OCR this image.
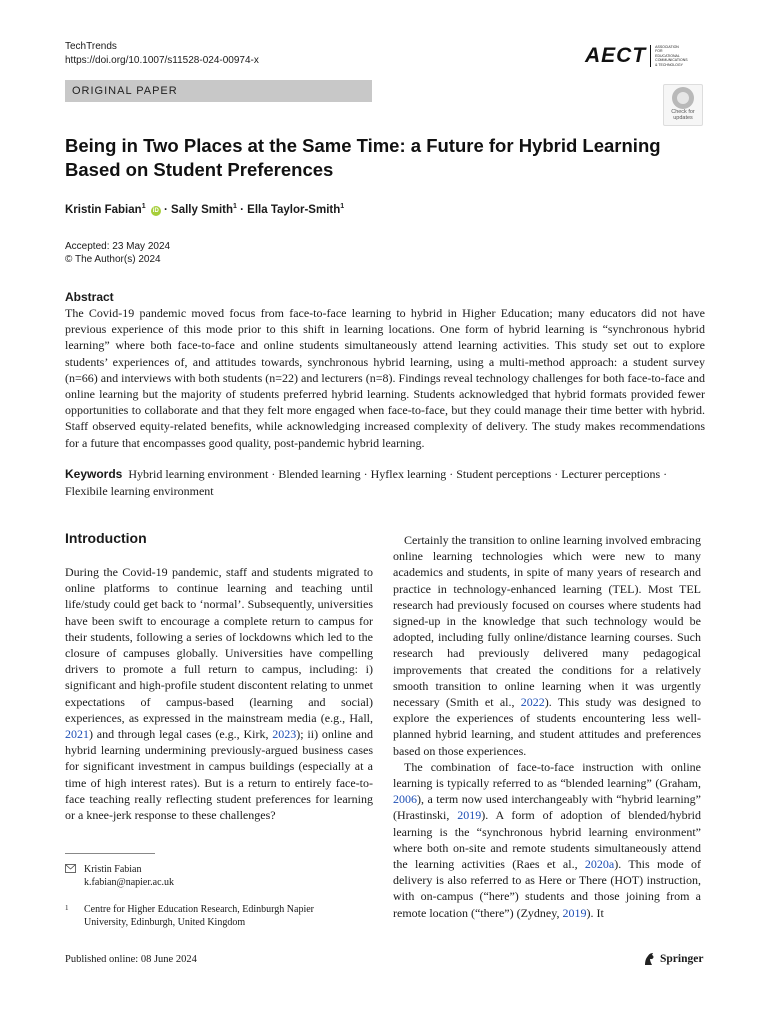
TechTrends
https://doi.org/10.1007/s11528-024-00974-x	AECT	ASSOCIATION FOR EDUCATIONAL COMMUNICATIONS & TECHNOLOGY
ORIGINAL PAPER
Check for
updates
Being in Two Places at the Same Time: a Future for Hybrid Learning Based on Student Preferences
Kristin Fabian$^1$ iD · Sally Smith$^1$ · Ella Taylor-Smith$^1$
Accepted: 23 May 2024
© The Author(s) 2024
Abstract
The Covid-19 pandemic moved focus from face-to-face learning to hybrid in Higher Education; many educators did not have previous experience of this mode prior to this shift in learning locations. One form of hybrid learning is “synchronous hybrid learning” where both face-to-face and online students simultaneously attend learning activities. This study set out to explore students’ experiences of, and attitudes towards, synchronous hybrid learning, using a multi-method approach: a student survey (n=66) and interviews with both students (n=22) and lecturers (n=8). Findings reveal technology challenges for both face-to-face and online learning but the majority of students preferred hybrid learning. Students acknowledged that hybrid formats provided fewer opportunities to collaborate and that they felt more engaged when face-to-face, but they could manage their time better with hybrid. Staff observed equity-related benefits, while acknowledging increased complexity of delivery. The study makes recommendations for a future that encompasses good quality, post-pandemic hybrid learning.
Keywords Hybrid learning environment · Blended learning · Hyflex learning · Student perceptions · Lecturer perceptions · Flexibile learning environment
Introduction

During the Covid-19 pandemic, staff and students migrated to online platforms to continue learning and teaching until life/study could get back to ‘normal’. Subsequently, universities have been swift to encourage a complete return to campus for their students, following a series of lockdowns which led to the closure of campuses globally. Universities have compelling drivers to promote a full return to campus, including: i) significant and high-profile student discontent relating to unmet expectations of campus-based (learning and social) experiences, as expressed in the mainstream media (e.g., Hall, 2021) and through legal cases (e.g., Kirk, 2023); ii) online and hybrid learning undermining previously-argued business cases for significant investment in campus buildings (especially at a time of high interest rates). But is a return to entirely face-to-face teaching really reflecting student preferences for learning or a knee-jerk response to these challenges?

Certainly the transition to online learning involved embracing online learning technologies which were new to many academics and students, in spite of many years of research and practice in technology-enhanced learning (TEL). Most TEL research had previously focused on courses where students had signed-up in the knowledge that such technology would be adopted, including fully online/distance learning courses. Such research had previously delivered many pedagogical improvements that created the conditions for a relatively smooth transition to online learning when it was urgently necessary (Smith et al., 2022). This study was designed to explore the experiences of students encountering less well-planned hybrid learning, and student attitudes and preferences based on those experiences.

The combination of face-to-face instruction with online learning is typically referred to as “blended learning” (Graham, 2006), a term now used interchangeably with “hybrid learning” (Hrastinski, 2019). A form of adoption of blended/hybrid learning is the “synchronous hybrid learning environment” where both on-site and remote students simultaneously attend the learning activities (Raes et al., 2020a). This mode of delivery is also referred to as Here or There (HOT) instruction, with on-campus (“here”) students and those joining from a remote location (“there”) (Zydney, 2019). It

Kristin Fabian
k.fabian@napier.ac.uk
1 Centre for Higher Education Research, Edinburgh Napier University, Edinburgh, United Kingdom
Published online: 08 June 2024	Springer
